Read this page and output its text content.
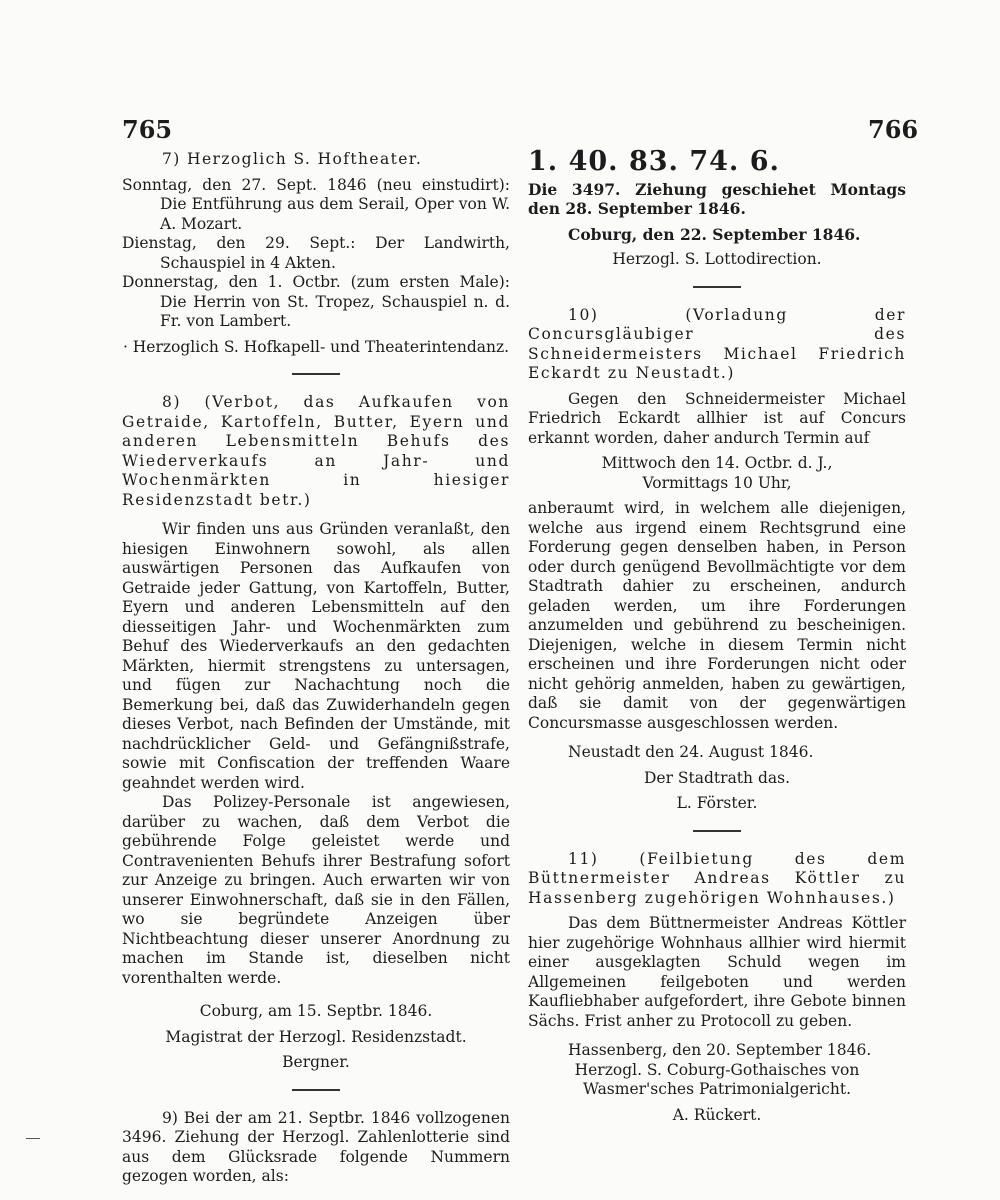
765	766

7) Herzoglich S. Hoftheater.

Sonntag, den 27. Sept. 1846 (neu einstudirt): Die Entführung aus dem Serail, Oper von W. A. Mozart.

Dienstag, den 29. Sept.: Der Landwirth, Schauspiel in 4 Akten.

Donnerstag, den 1. Octbr. (zum ersten Male): Die Herrin von St. Tropez, Schauspiel n. d. Fr. von Lambert.

· Herzoglich S. Hofkapell- und Theaterintendanz.

8) (Verbot, das Aufkaufen von Getraide, Kartoffeln, Butter, Eyern und anderen Lebensmitteln Behufs des Wiederverkaufs an Jahr- und Wochenmärkten in hiesiger Residenzstadt betr.)

Wir finden uns aus Gründen veranlaßt, den hiesigen Einwohnern sowohl, als allen auswärtigen Personen das Aufkaufen von Getraide jeder Gattung, von Kartoffeln, Butter, Eyern und anderen Lebensmitteln auf den diesseitigen Jahr- und Wochenmärkten zum Behuf des Wiederverkaufs an den gedachten Märkten, hiermit strengstens zu untersagen, und fügen zur Nachachtung noch die Bemerkung bei, daß das Zuwiderhandeln gegen dieses Verbot, nach Befinden der Umstände, mit nachdrücklicher Geld- und Gefängnißstrafe, sowie mit Confiscation der treffenden Waare geahndet werden wird.

Das Polizey-Personale ist angewiesen, darüber zu wachen, daß dem Verbot die gebührende Folge geleistet werde und Contravenienten Behufs ihrer Bestrafung sofort zur Anzeige zu bringen. Auch erwarten wir von unserer Einwohnerschaft, daß sie in den Fällen, wo sie begründete Anzeigen über Nichtbeachtung dieser unserer Anordnung zu machen im Stande ist, dieselben nicht vorenthalten werde.

Coburg, am 15. Septbr. 1846.

Magistrat der Herzogl. Residenzstadt.

Bergner.

9) Bei der am 21. Septbr. 1846 vollzogenen 3496. Ziehung der Herzogl. Zahlenlotterie sind aus dem Glücksrade folgende Nummern gezogen worden, als:

1. 40. 83. 74. 6.

Die 3497. Ziehung geschiehet Montags den 28. September 1846.

Coburg, den 22. September 1846.

Herzogl. S. Lottodirection.

10) (Vorladung der Concursgläubiger des Schneidermeisters Michael Friedrich Eckardt zu Neustadt.)

Gegen den Schneidermeister Michael Friedrich Eckardt allhier ist auf Concurs erkannt worden, daher andurch Termin auf

Mittwoch den 14. Octbr. d. J.,

Vormittags 10 Uhr,

anberaumt wird, in welchem alle diejenigen, welche aus irgend einem Rechtsgrund eine Forderung gegen denselben haben, in Person oder durch genügend Bevollmächtigte vor dem Stadtrath dahier zu erscheinen, andurch geladen werden, um ihre Forderungen anzumelden und gebührend zu bescheinigen. Diejenigen, welche in diesem Termin nicht erscheinen und ihre Forderungen nicht oder nicht gehörig anmelden, haben zu gewärtigen, daß sie damit von der gegenwärtigen Concursmasse ausgeschlossen werden.

Neustadt den 24. August 1846.

Der Stadtrath das.

L. Förster.

11) (Feilbietung des dem Büttnermeister Andreas Köttler zu Hassenberg zugehörigen Wohnhauses.)

Das dem Büttnermeister Andreas Köttler hier zugehörige Wohnhaus allhier wird hiermit einer ausgeklagten Schuld wegen im Allgemeinen feilgeboten und werden Kaufliebhaber aufgefordert, ihre Gebote binnen Sächs. Frist anher zu Protocoll zu geben.

Hassenberg, den 20. September 1846.

Herzogl. S. Coburg-Gothaisches von Wasmer'sches Patrimonialgericht.

A. Rückert.
